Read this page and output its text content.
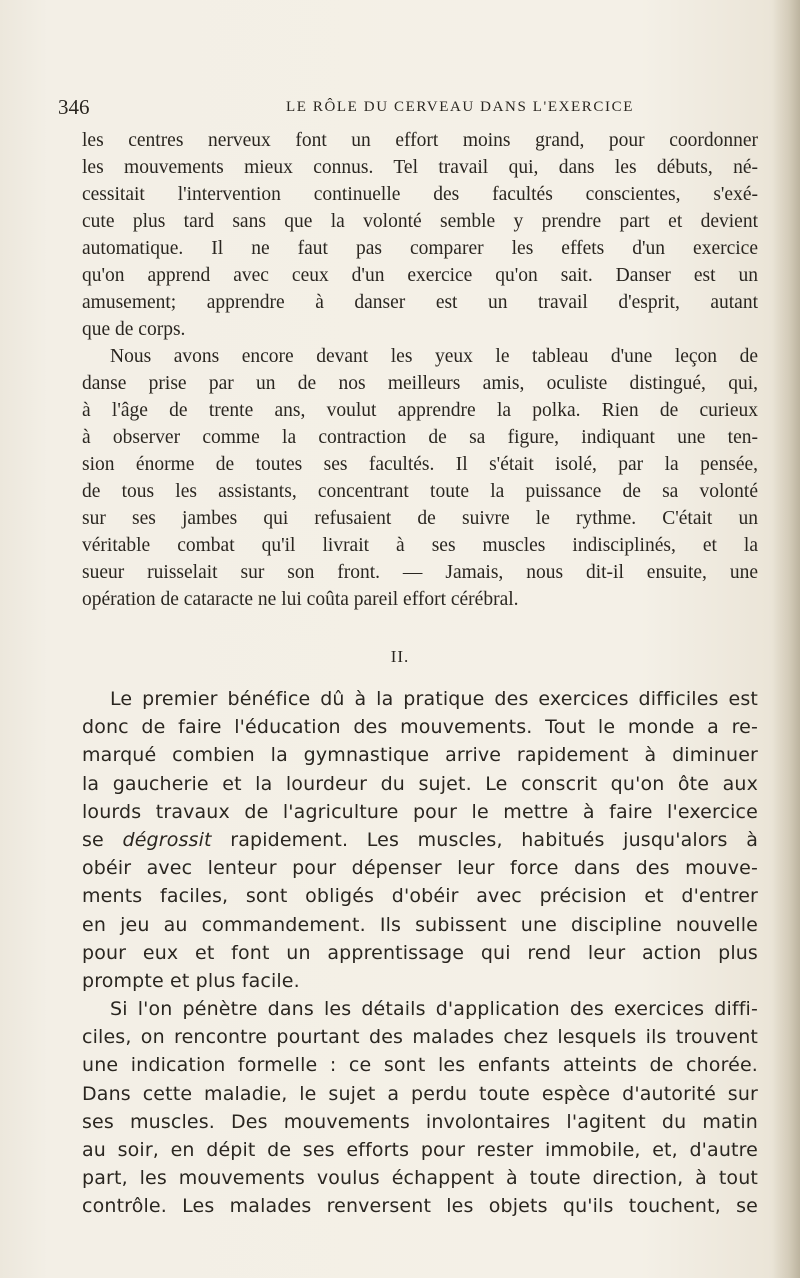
346	LE RÔLE DU CERVEAU DANS L'EXERCICE
les centres nerveux font un effort moins grand, pour coordonner
les mouvements mieux connus. Tel travail qui, dans les débuts, né-
cessitait l'intervention continuelle des facultés conscientes, s'exé-
cute plus tard sans que la volonté semble y prendre part et devient
automatique. Il ne faut pas comparer les effets d'un exercice
qu'on apprend avec ceux d'un exercice qu'on sait. Danser est un
amusement; apprendre à danser est un travail d'esprit, autant
que de corps.
Nous avons encore devant les yeux le tableau d'une leçon de
danse prise par un de nos meilleurs amis, oculiste distingué, qui,
à l'âge de trente ans, voulut apprendre la polka. Rien de curieux
à observer comme la contraction de sa figure, indiquant une ten-
sion énorme de toutes ses facultés. Il s'était isolé, par la pensée,
de tous les assistants, concentrant toute la puissance de sa volonté
sur ses jambes qui refusaient de suivre le rythme. C'était un
véritable combat qu'il livrait à ses muscles indisciplinés, et la
sueur ruisselait sur son front. — Jamais, nous dit-il ensuite, une
opération de cataracte ne lui coûta pareil effort cérébral.
II.
Le premier bénéfice dû à la pratique des exercices difficiles est
donc de faire l'éducation des mouvements. Tout le monde a re-
marqué combien la gymnastique arrive rapidement à diminuer
la gaucherie et la lourdeur du sujet. Le conscrit qu'on ôte aux
lourds travaux de l'agriculture pour le mettre à faire l'exercice
se dégrossit rapidement. Les muscles, habitués jusqu'alors à
obéir avec lenteur pour dépenser leur force dans des mouve-
ments faciles, sont obligés d'obéir avec précision et d'entrer
en jeu au commandement. Ils subissent une discipline nouvelle
pour eux et font un apprentissage qui rend leur action plus
prompte et plus facile.
Si l'on pénètre dans les détails d'application des exercices diffi-
ciles, on rencontre pourtant des malades chez lesquels ils trouvent
une indication formelle : ce sont les enfants atteints de chorée.
Dans cette maladie, le sujet a perdu toute espèce d'autorité sur
ses muscles. Des mouvements involontaires l'agitent du matin
au soir, en dépit de ses efforts pour rester immobile, et, d'autre
part, les mouvements voulus échappent à toute direction, à tout
contrôle. Les malades renversent les objets qu'ils touchent, se
